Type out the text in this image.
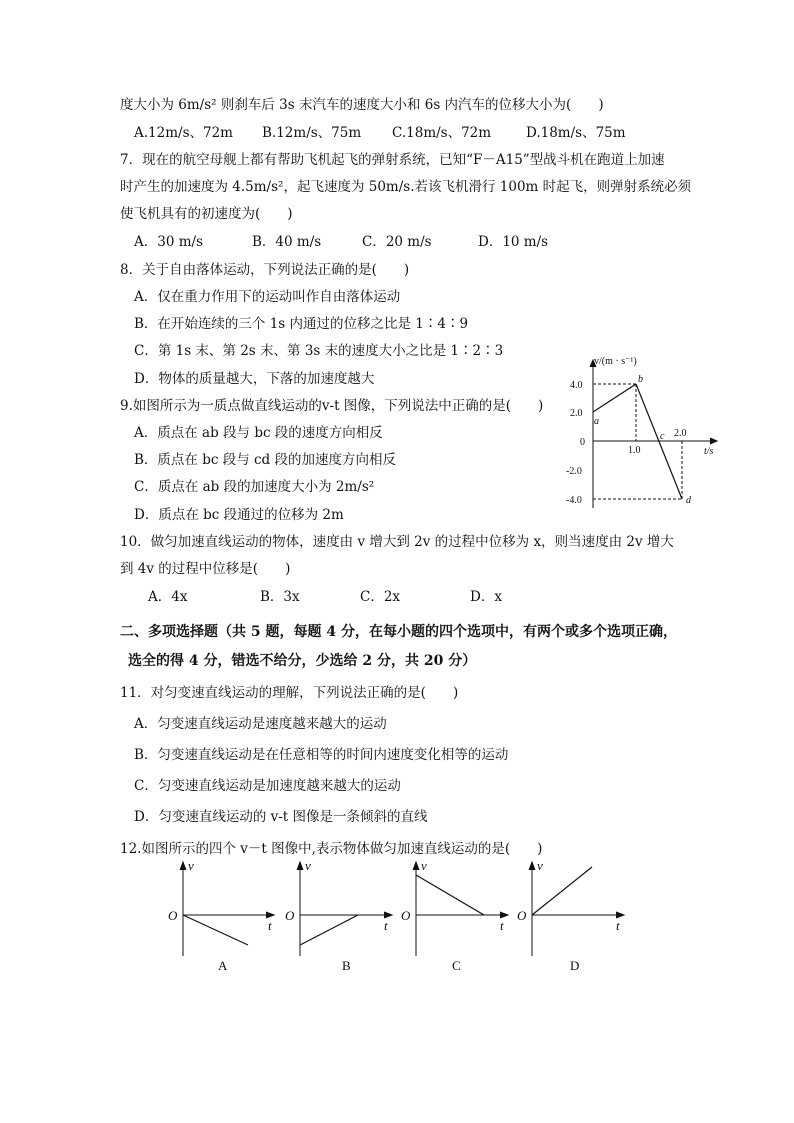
度大小为 6m/s² 则刹车后 3s 末汽车的速度大小和 6s 内汽车的位移大小为(　　)
A.12m/s、72m B.12m/s、75m C.18m/s、72m	D.18m/s、75m
7．现在的航空母舰上都有帮助飞机起飞的弹射系统，已知“F－A15”型战斗机在跑道上加速
时产生的加速度为 4.5m/s²，起飞速度为 50m/s.若该飞机滑行 100m 时起飞，则弹射系统必须
使飞机具有的初速度为(　　)
A．30 m/s	B．40 m/s	C．20 m/s	D．10 m/s
8．关于自由落体运动，下列说法正确的是(　　)
A．仅在重力作用下的运动叫作自由落体运动
B．在开始连续的三个 1s 内通过的位移之比是 1∶4∶9
C．第 1s 末、第 2s 末、第 3s 末的速度大小之比是 1∶2∶3
D．物体的质量越大，下落的加速度越大
9.如图所示为一质点做直线运动的v-t 图像，下列说法中正确的是(　　)
A．质点在 ab 段与 bc 段的速度方向相反
B．质点在 bc 段与 cd 段的加速度方向相反
C．质点在 ab 段的加速度大小为 2m/s²
D．质点在 bc 段通过的位移为 2m
v/(m · s⁻¹)
t/s
4.0
2.0
0
-2.0
-4.0
1.0
2.0
a
b
c
d
10．做匀加速直线运动的物体，速度由 v 增大到 2v 的过程中位移为 x，则当速度由 2v 增大
到 4v 的过程中位移是(　　)
A．4x	B．3x	C．2x	D．x
二、多项选择题（共 5 题，每题 4 分，在每小题的四个选项中，有两个或多个选项正确，
选全的得 4 分，错选不给分，少选给 2 分，共 20 分）
11．对匀变速直线运动的理解，下列说法正确的是(　　)
A．匀变速直线运动是速度越来越大的运动
B．匀变速直线运动是在任意相等的时间内速度变化相等的运动
C．匀变速直线运动是加速度越来越大的运动
D．匀变速直线运动的 v-t 图像是一条倾斜的直线
12.如图所示的四个 v－t 图像中,表示物体做匀加速直线运动的是(　　)
v
O
t
A
v
O
t
B
v
O
t
C
v
O
t
D
